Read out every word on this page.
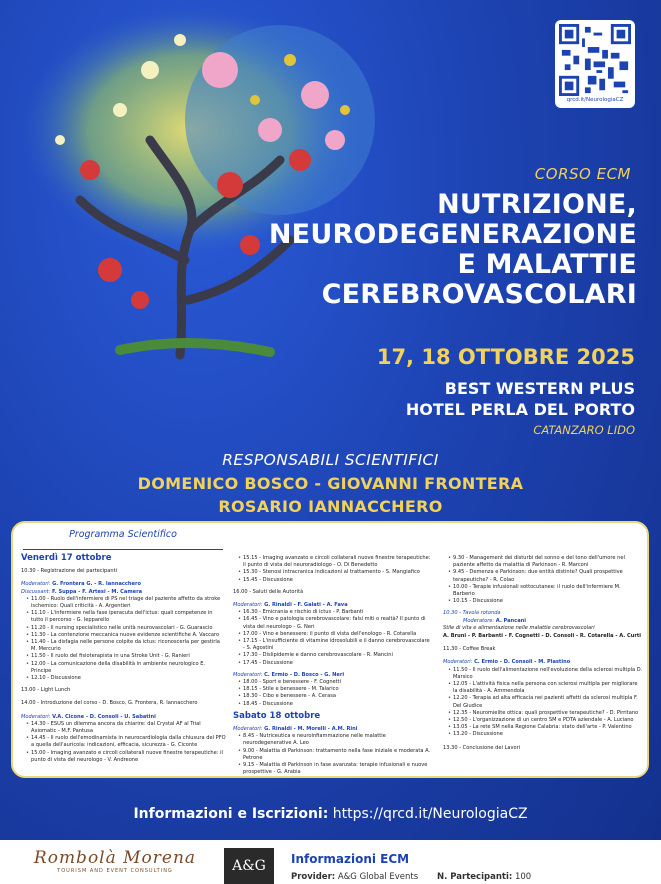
qrcd.it/NeurologiaCZ
CORSO ECM
NUTRIZIONE,
NEURODEGENERAZIONE
E MALATTIE
CEREBROVASCOLARI
17, 18 OTTOBRE 2025
BEST WESTERN PLUS
HOTEL PERLA DEL PORTO
CATANZARO LIDO
RESPONSABILI SCIENTIFICI
DOMENICO BOSCO - GIOVANNI FRONTERA
ROSARIO IANNACCHERO
Programma Scientifico
Venerdì 17 ottobre
10.30 - Registrazione dei partecipanti
Moderatori: G. Frontera G. - R. Iannacchero
Discussant: F. Suppa - F. Artesi - M. Camera
• 11.00 - Ruolo dell'infermiere di PS nel triage del paziente affetto da stroke ischemico: Quali criticità - A. Argentieri
• 11.10 - L'infermiere nella fase iperacuta dell'ictus: quali competenze in tutto il percorso - G. Iepparello
• 11.20 - Il nursing specialistico nelle unità neurovascolari - G. Guarascio
• 11.30 - La contenzione meccanica nuove evidenze scientifiche A. Vaccaro
• 11.40 - La disfagia nelle persone colpite da ictus: riconoscerla per gestirla M. Mercurio
• 11.50 - Il ruolo del fisioterapista in una Stroke Unit - G. Ranieri
• 12.00 - La comunicazione della disabilità in ambiente neurologico E. Principe
• 12.10 - Discussione
13.00 - Light Lunch
14.00 - Introduzione del corso - D. Bosco, G. Frontera, R. Iannacchero
Moderatori: V.A. Cicone - D. Consoli - U. Sabatini
• 14.30 - ESUS un dilemma ancora da chiarire: dal Crystal AF al Trial Axiomatic - M.F. Pantusa
• 14.45 - Il ruolo dell'emodinamista in neurocardiologia dalla chiusura del PFO a quella dell'auricola: indicazioni, efficacia, sicurezza - G. Ciconte
• 15.00 - Imaging avanzato e circoli collaterali nuove finestre terapeutiche: il punto di vista del neurologo - V. Andreone
• 15.15 - Imaging avanzato e circoli collaterali nuove finestre terapeutiche: il punto di vista del neuroradiologo - O. Di Benedetto
• 15.30 - Stenosi intracranica indicazioni al trattamento - S. Mangiafico
• 15.45 - Discussione
16.00 - Saluti delle Autorità
Moderatori: G. Rinaldi - F. Galati - A. Fava
• 16.30 - Emicrania e rischio di ictus - P. Barbanti
• 16.45 - Vino e patologia cerebrovascolare: falsi miti o realtà? Il punto di vista del neurologo - G. Neri
• 17.00 - Vino e benessere: il punto di vista dell'enologo - R. Cotarella
• 17.15 - L'insufficiente di vitamine idrosolubili e il danno cerebrovascolare - S. Agostini
• 17.30 - Dislipidemie e danno cerebrovascolare - R. Mancini
• 17.45 - Discussione
Moderatori: C. Ermio - D. Bosco - G. Neri
• 18.00 - Sport e benessere - F. Cognetti
• 18.15 - Stile e benessere - M. Talarico
• 18.30 - Cibo e benessere - A. Cerasa
• 18.45 - Discussione
Sabato 18 ottobre
Moderatori: G. Rinaldi - M. Morelli - A.M. Rini
• 8.45 - Nutriceutica e neuroinfiammazione nelle malattie neurodegenerative A. Leo
• 9.00 - Malattia di Parkinson: trattamento nella fase iniziale e moderata A. Petrone
• 9.15 - Malattia di Parkinson in fase avanzata: terapie infusionali e nuove prospettive - G. Arabia
• 9.30 - Management dei disturbi del sonno e del tono dell'umore nel paziente affetto da malattia di Parkinson - R. Marconi
• 9.45 - Demenza e Parkinson: due entità distinte? Quali prospettive terapeutiche? - R. Colao
• 10.00 - Terapie infusionali sottocutanee: il ruolo dell'infermiere M. Barberio
• 10.15 - Discussione
10.30 - Tavola rotonda
Moderatore: A. Pancani
Stile di vita e alimentazione nelle malattie cerebrovascolari
A. Bruni - P. Barbanti - F. Cognetti - D. Consoli - R. Cotarella - A. Curti
11.30 - Coffee Break
Moderatori: C. Ermio - D. Consoli - M. Plastino
• 11.50 - Il ruolo dell'alimentazione nell'evoluzione della sclerosi multipla D. Marsico
• 12.05 - L'attività fisica nella persona con sclerosi multipla per migliorare la disabilità - A. Ammendola
• 12.20 - Terapia ad alta efficacia nei pazienti affetti da sclerosi multipla F. Del Giudice
• 12.35 - Neuromielite ottica: quali prospettive terapeutiche? - D. Pirritano
• 12.50 - L'organizzazione di un centro SM e PDTA aziendale - A. Luciano
• 13.05 - La rete SM nella Regione Calabria: stato dell'arte - P. Valentino
• 13.20 - Discussione
13.30 - Conclusione dei Lavori
Informazioni e Iscrizioni: https://qrcd.it/NeurologiaCZ
Rombolà Morena
TOURISM AND EVENT CONSULTING	A&G	Informazioni ECM
Provider: A&G Global Events N. Partecipanti: 100
